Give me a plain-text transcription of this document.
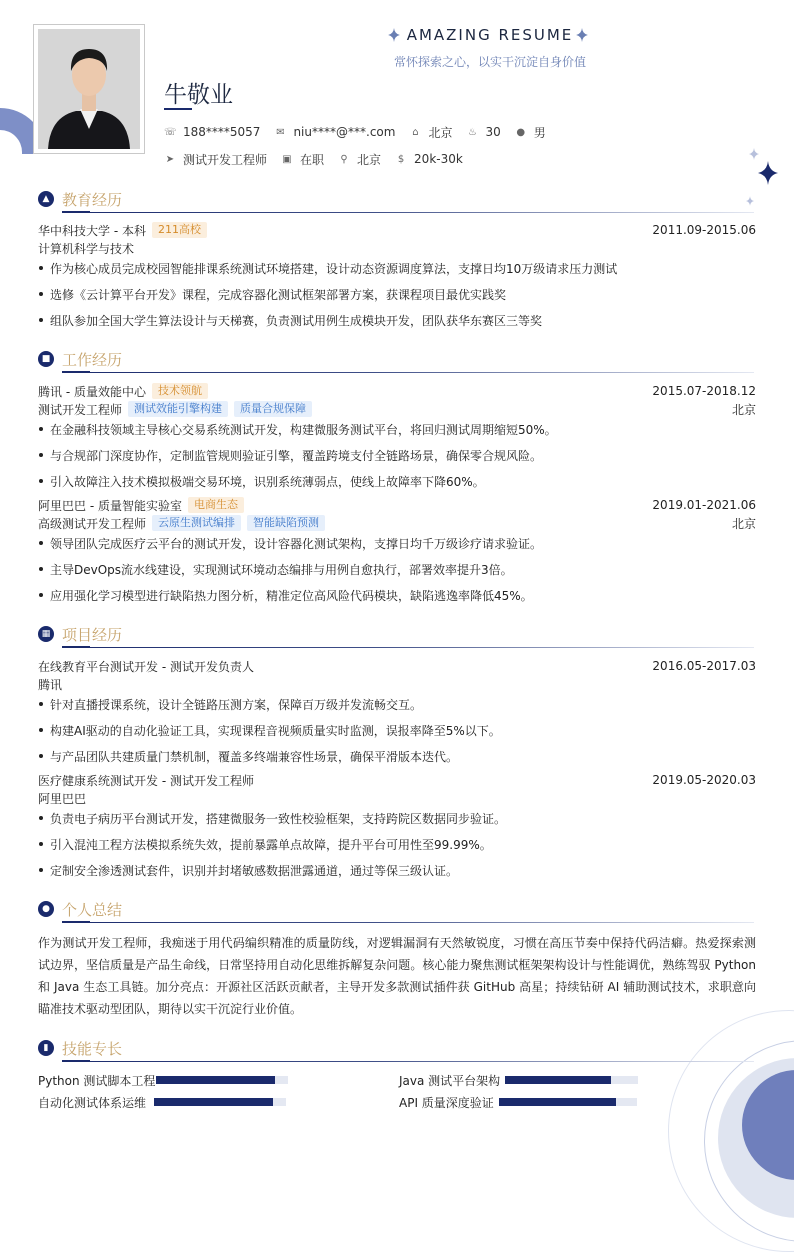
AMAZING RESUME
常怀探索之心，以实干沉淀自身价值
牛敬业
☏ 188****5057 ✉ niu****@***.com ⌂ 北京 ♨ 30 ● 男
➤ 测试开发工程师 ▣ 在职 ⚲ 北京 $ 20k-30k
▲ 教育经历
华中科技大学 - 本科	211高校	2011.09-2015.06
计算机科学与技术
作为核心成员完成校园智能排课系统测试环境搭建，设计动态资源调度算法，支撑日均10万级请求压力测试
选修《云计算平台开发》课程，完成容器化测试框架部署方案，获课程项目最优实践奖
组队参加全国大学生算法设计与天梯赛，负责测试用例生成模块开发，团队获华东赛区三等奖
■ 工作经历
腾讯 - 质量效能中心	技术领航	2015.07-2018.12
测试开发工程师	测试效能引擎构建	质量合规保障	北京
在金融科技领域主导核心交易系统测试开发，构建微服务测试平台，将回归测试周期缩短50%。
与合规部门深度协作，定制监管规则验证引擎，覆盖跨境支付全链路场景，确保零合规风险。
引入故障注入技术模拟极端交易环境，识别系统薄弱点，使线上故障率下降60%。
阿里巴巴 - 质量智能实验室	电商生态	2019.01-2021.06
高级测试开发工程师	云原生测试编排	智能缺陷预测	北京
领导团队完成医疗云平台的测试开发，设计容器化测试架构，支撑日均千万级诊疗请求验证。
主导DevOps流水线建设，实现测试环境动态编排与用例自愈执行，部署效率提升3倍。
应用强化学习模型进行缺陷热力图分析，精准定位高风险代码模块，缺陷逃逸率降低45%。
▦ 项目经历
在线教育平台测试开发 - 测试开发负责人	2016.05-2017.03
腾讯
针对直播授课系统，设计全链路压测方案，保障百万级并发流畅交互。
构建AI驱动的自动化验证工具，实现课程音视频质量实时监测，误报率降至5%以下。
与产品团队共建质量门禁机制，覆盖多终端兼容性场景，确保平滑版本迭代。
医疗健康系统测试开发 - 测试开发工程师	2019.05-2020.03
阿里巴巴
负责电子病历平台测试开发，搭建微服务一致性校验框架，支持跨院区数据同步验证。
引入混沌工程方法模拟系统失效，提前暴露单点故障，提升平台可用性至99.99%。
定制安全渗透测试套件，识别并封堵敏感数据泄露通道，通过等保三级认证。
● 个人总结
作为测试开发工程师，我痴迷于用代码编织精准的质量防线，对逻辑漏洞有天然敏锐度，习惯在高压节奏中保持代码洁癖。热爱探索测试边界，坚信质量是产品生命线，日常坚持用自动化思维拆解复杂问题。核心能力聚焦测试框架架构设计与性能调优，熟练驾驭 Python 和 Java 生态工具链。加分亮点：开源社区活跃贡献者，主导开发多款测试插件获 GitHub 高星；持续钻研 AI 辅助测试技术，求职意向瞄准技术驱动型团队，期待以实干沉淀行业价值。
▮ 技能专长
Python 测试脚本工程	Java 测试平台架构
自动化测试体系运维	API 质量深度验证
